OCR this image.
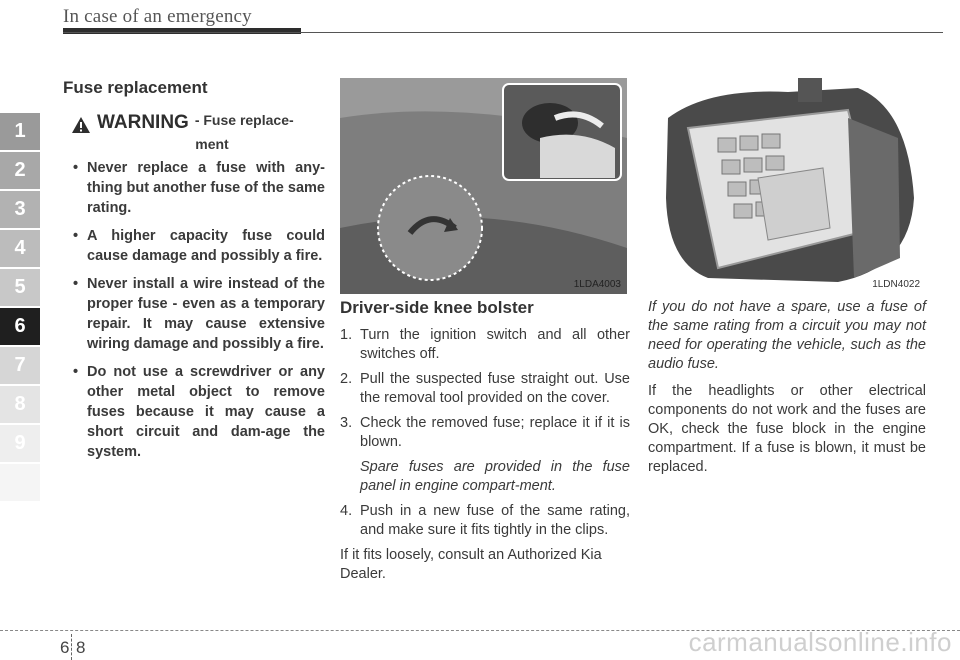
In case of an emergency
1
2
3
4
5
6
7
8
9
Fuse replacement
WARNING - Fuse replace-
ment
• Never replace a fuse with any-thing but another fuse of the same rating.
• A higher capacity fuse could cause damage and possibly a fire.
• Never install a wire instead of the proper fuse - even as a temporary repair. It may cause extensive wiring damage and possibly a fire.
• Do not use a screwdriver or any other metal object to remove fuses because it may cause a short circuit and dam-age the system.
1LDA4003	1LDN4022
Driver-side knee bolster
1. Turn the ignition switch and all other switches off.
2. Pull the suspected fuse straight out. Use the removal tool provided on the cover.
3. Check the removed fuse; replace it if it is blown.
Spare fuses are provided in the fuse panel in engine compart-ment.
4. Push in a new fuse of the same rating, and make sure it fits tightly in the clips.

If it fits loosely, consult an Authorized Kia Dealer.

If you do not have a spare, use a fuse of the same rating from a circuit you may not need for operating the vehicle, such as the audio fuse.

If the headlights or other electrical components do not work and the fuses are OK, check the fuse block in the engine compartment. If a fuse is blown, it must be replaced.

6 8	carmanualsonline.info
